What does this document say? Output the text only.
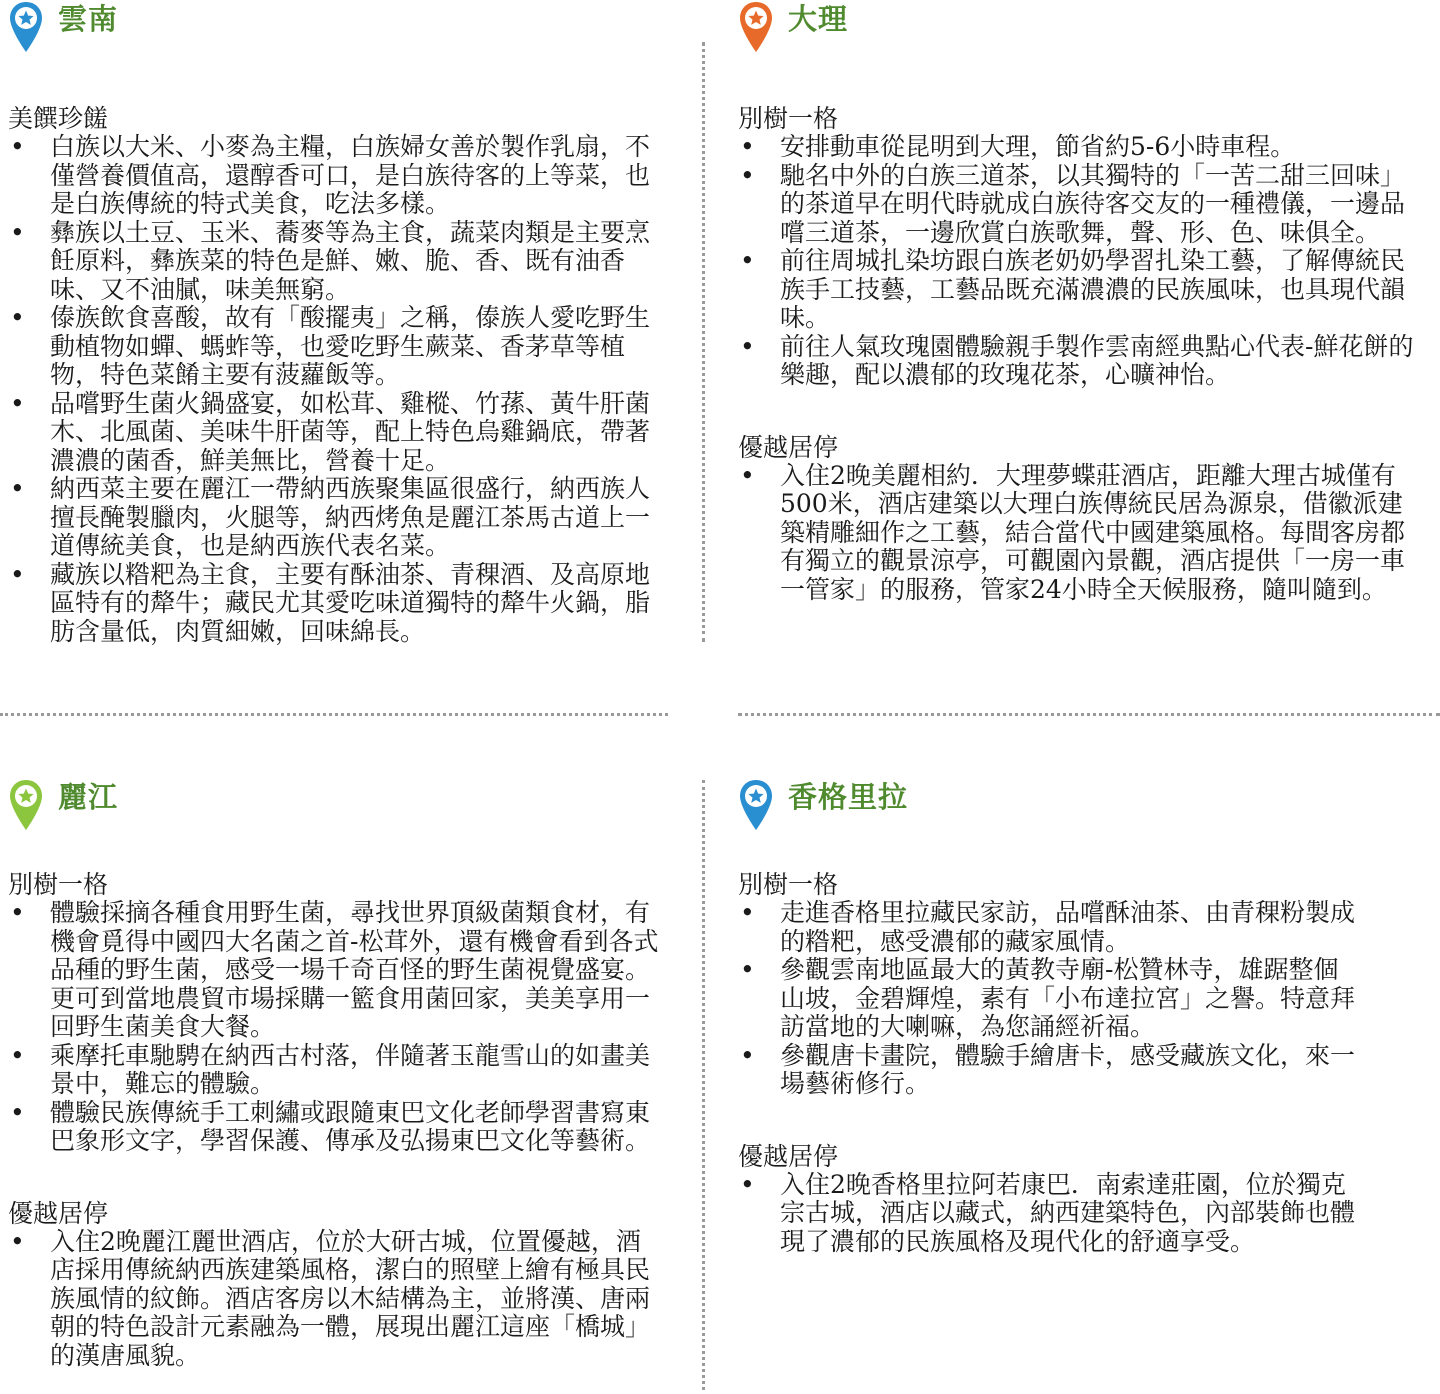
雲南

美饌珍饈

• 白族以大米、小麥為主糧，白族婦女善於製作乳扇，不僅營養價值高，還醇香可口，是白族待客的上等菜，也是白族傳統的特式美食，吃法多樣。
• 彝族以土豆、玉米、蕎麥等為主食，蔬菜肉類是主要烹飪原料，彝族菜的特色是鮮、嫩、脆、香、既有油香味、又不油膩，味美無窮。
• 傣族飲食喜酸，故有「酸擺夷」之稱，傣族人愛吃野生動植物如蟬、螞蚱等，也愛吃野生蕨菜、香茅草等植物，特色菜餚主要有菠蘿飯等。
• 品嚐野生菌火鍋盛宴，如松茸、雞樅、竹蓀、黃牛肝菌木、北風菌、美味牛肝菌等，配上特色烏雞鍋底，帶著濃濃的菌香，鮮美無比，營養十足。
• 納西菜主要在麗江一帶納西族聚集區很盛行，納西族人擅長醃製臘肉，火腿等，納西烤魚是麗江茶馬古道上一道傳統美食，也是納西族代表名菜。
• 藏族以糌粑為主食，主要有酥油茶、青稞酒、及高原地區特有的犛牛；藏民尤其愛吃味道獨特的犛牛火鍋，脂肪含量低，肉質細嫩，回味綿長。
大理

別樹一格

• 安排動車從昆明到大理，節省約5-6小時車程。
• 馳名中外的白族三道茶，以其獨特的「一苦二甜三回味」的茶道早在明代時就成白族待客交友的一種禮儀，一邊品嚐三道茶，一邊欣賞白族歌舞，聲、形、色、味俱全。
• 前往周城扎染坊跟白族老奶奶學習扎染工藝，了解傳統民族手工技藝，工藝品既充滿濃濃的民族風味，也具現代韻味。
• 前往人氣玫瑰園體驗親手製作雲南經典點心代表-鮮花餅的樂趣，配以濃郁的玫瑰花茶，心曠神怡。

優越居停

• 入住2晚美麗相約．大理夢蝶莊酒店，距離大理古城僅有500米，酒店建築以大理白族傳統民居為源泉，借徽派建築精雕細作之工藝，結合當代中國建築風格。每間客房都有獨立的觀景涼亭，可觀園內景觀，酒店提供「一房一車一管家」的服務，管家24小時全天候服務，隨叫隨到。
麗江

別樹一格

• 體驗採摘各種食用野生菌，尋找世界頂級菌類食材，有機會覓得中國四大名菌之首-松茸外，還有機會看到各式品種的野生菌，感受一場千奇百怪的野生菌視覺盛宴。更可到當地農貿市場採購一籃食用菌回家，美美享用一回野生菌美食大餐。
• 乘摩托車馳騁在納西古村落，伴隨著玉龍雪山的如畫美景中，難忘的體驗。
• 體驗民族傳統手工刺繡或跟隨東巴文化老師學習書寫東巴象形文字，學習保護、傳承及弘揚東巴文化等藝術。

優越居停

• 入住2晚麗江麗世酒店，位於大研古城，位置優越，酒店採用傳統納西族建築風格，潔白的照壁上繪有極具民族風情的紋飾。酒店客房以木結構為主，並將漢、唐兩朝的特色設計元素融為一體，展現出麗江這座「橋城」的漢唐風貌。
香格里拉

別樹一格

• 走進香格里拉藏民家訪，品嚐酥油茶、由青稞粉製成的糌粑，感受濃郁的藏家風情。
• 參觀雲南地區最大的黃教寺廟-松贊林寺，雄踞整個山坡，金碧輝煌，素有「小布達拉宮」之譽。特意拜訪當地的大喇嘛，為您誦經祈福。
• 參觀唐卡畫院，體驗手繪唐卡，感受藏族文化，來一場藝術修行。

優越居停

• 入住2晚香格里拉阿若康巴．南索達莊園，位於獨克宗古城，酒店以藏式，納西建築特色，內部裝飾也體現了濃郁的民族風格及現代化的舒適享受。
